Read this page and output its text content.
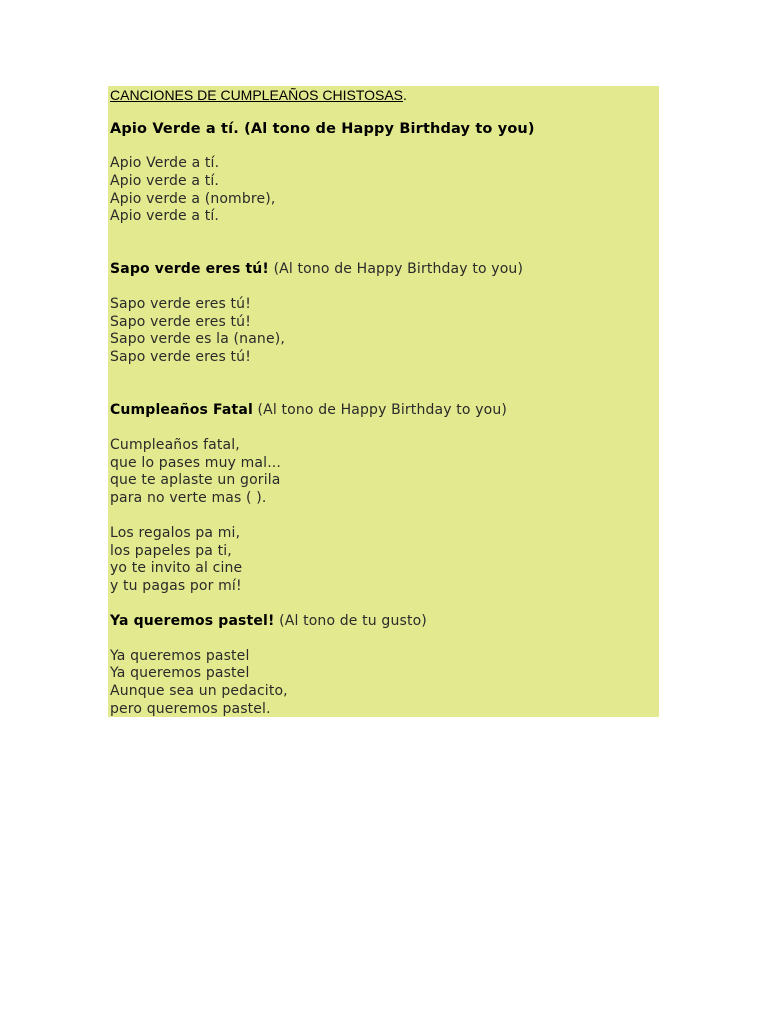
CANCIONES DE CUMPLEAÑOS CHISTOSAS.
Apio Verde a tí. (Al tono de Happy Birthday to you)
Apio Verde a tí.
Apio verde a tí.
Apio verde a (nombre),
Apio verde a tí.
Sapo verde eres tú! (Al tono de Happy Birthday to you)
Sapo verde eres tú!
Sapo verde eres tú!
Sapo verde es la (nane),
Sapo verde eres tú!
Cumpleaños Fatal (Al tono de Happy Birthday to you)
Cumpleaños fatal,
que lo pases muy mal...
que te aplaste un gorila
para no verte mas ( ).
Los regalos pa mi,
los papeles pa ti,
yo te invito al cine
y tu pagas por mí!
Ya queremos pastel! (Al tono de tu gusto)
Ya queremos pastel
Ya queremos pastel
Aunque sea un pedacito,
pero queremos pastel.
